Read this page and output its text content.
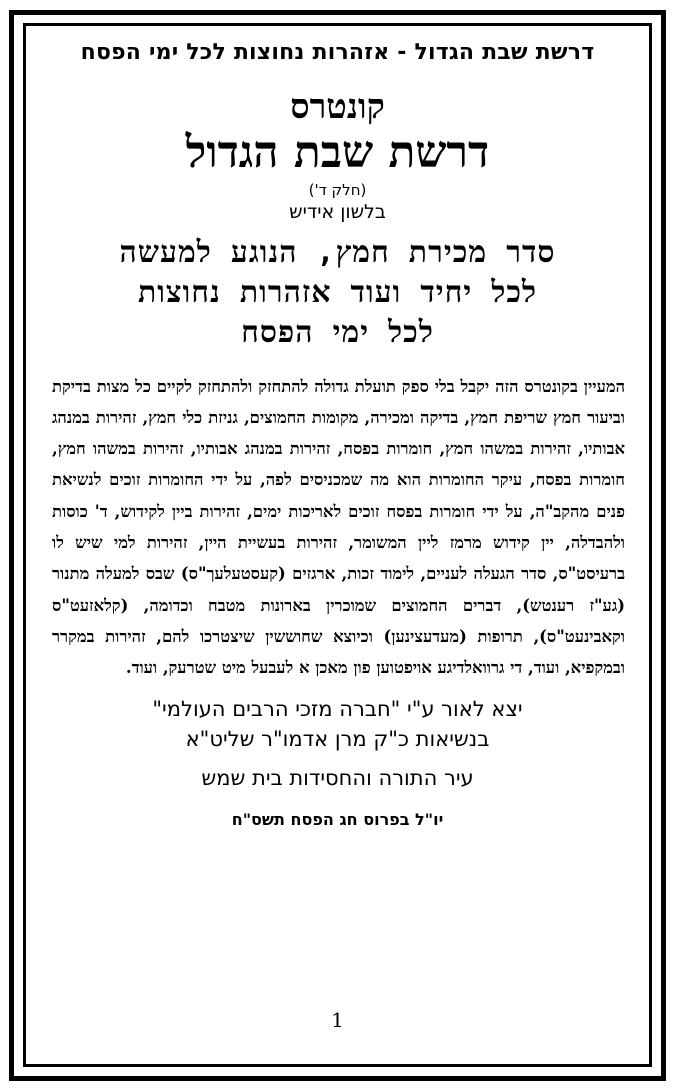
דרשת שבת הגדול - אזהרות נחוצות לכל ימי הפסח
קונטרס
דרשת שבת הגדול
(חלק ד')
בלשון אידיש
סדר מכירת חמץ, הנוגע למעשה
לכל יחיד ועוד אזהרות נחוצות
לכל ימי הפסח
המעיין בקונטרס הזה יקבל בלי ספק תועלת גדולה להתחזק ולהתחזק לקיים כל מצות בדיקת וביעור חמץ שריפת חמץ, בדיקה ומכירה, מקומות החמוצים, גניזת כלי חמץ, זהירות במנהג אבותיו, זהירות במשהו חמץ, חומרות בפסח, זהירות במנהג אבותיו, זהירות במשהו חמץ, חומרות בפסח, עיקר החומרות הוא מה שמכניסים לפה, על ידי החומרות זוכים לנשיאת פנים מהקב"ה, על ידי חומרות בפסח זוכים לאריכות ימים, זהירות ביין לקידוש, ד' כוסות ולהבדלה, יין קידוש מרמז ליין המשומר, זהירות בעשיית היין, זהירות למי שיש לו ברעיסט"ס, סדר הגעלה לעניים, לימוד זכות, ארגזים (קעסטעלעך"ס) שבס למעלה מתנור (גע"ז רענטש), דברים החמוצים שמוכרין בארונות מטבח וכדומה, (קלאזעט"ס וקאבינעט"ס), תרופות (מעדעצינען) וכיוצא שחוששין שיצטרכו להם, זהירות במקרר ובמקפיא, ועוד, די גרוואלדיגע אויפטוען פון מאכן א לעבעל מיט שטרעק, ועוד.
יצא לאור ע"י "חברה מזכי הרבים העולמי"
בנשיאות כ"ק מרן אדמו"ר שליט"א
עיר התורה והחסידות בית שמש
יו"ל בפרוס חג הפסח תשס"ח
1
